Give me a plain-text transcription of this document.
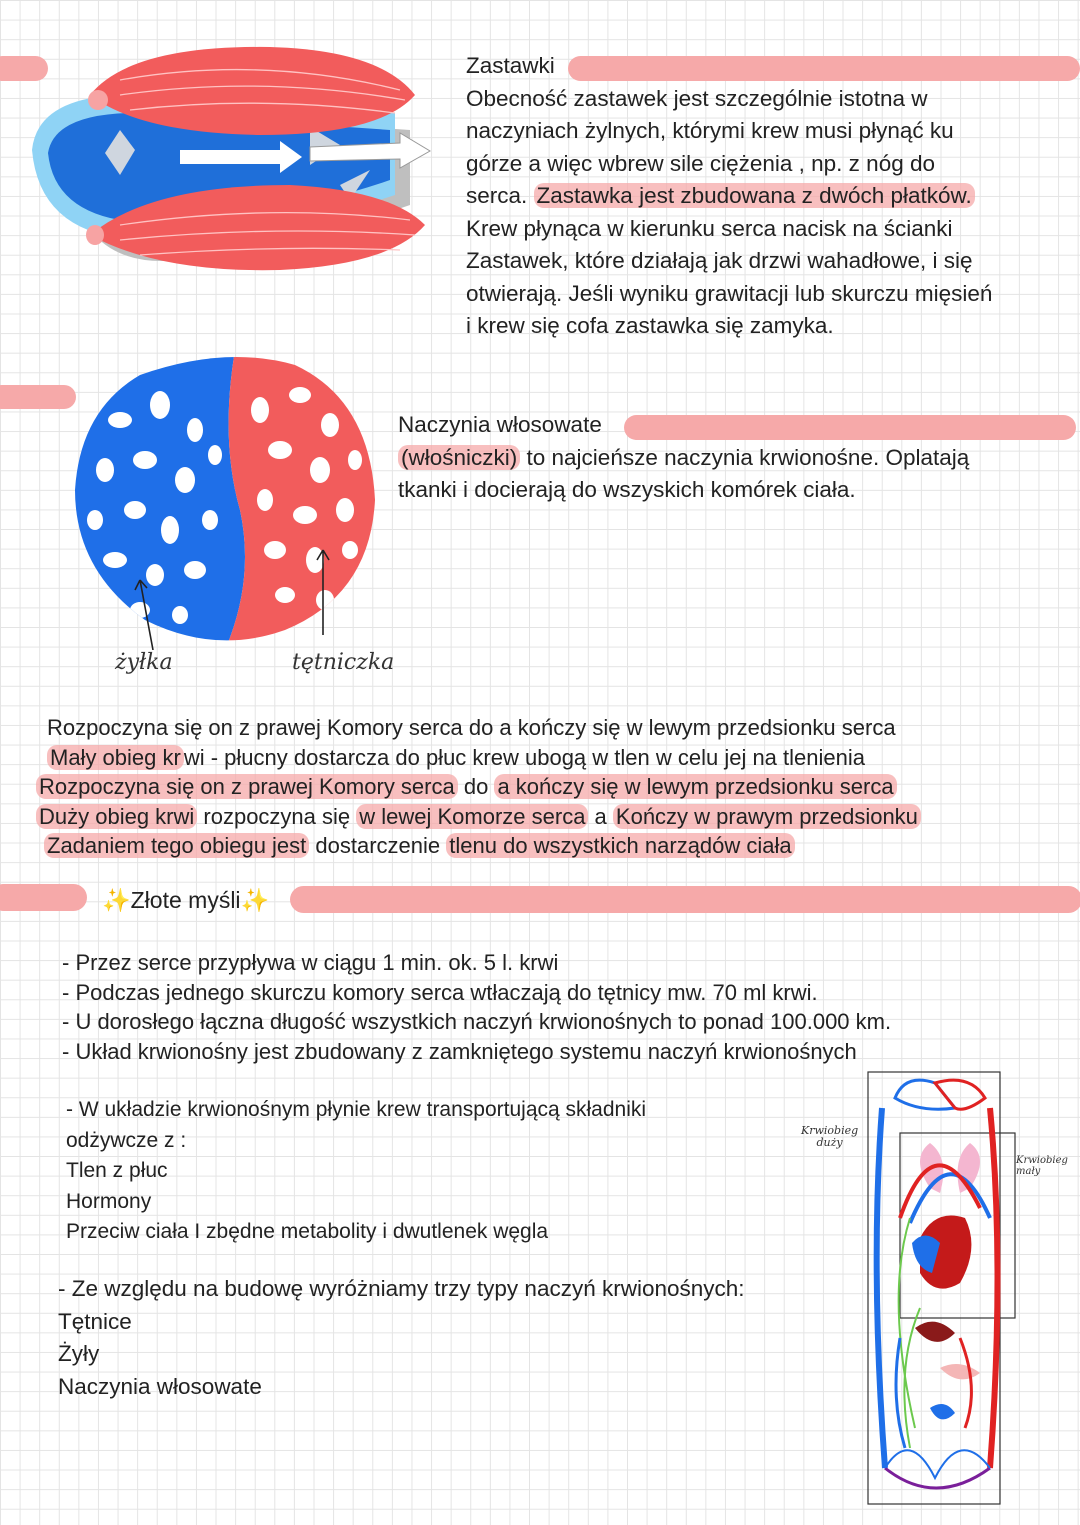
Zastawki
Obecność zastawek jest szczególnie istotna w
naczyniach żylnych, którymi krew musi płynąć ku
górze a więc wbrew sile ciężenia , np. z nóg do
serca. Zastawka jest zbudowana z dwóch płatków.
Krew płynąca w kierunku serca nacisk na ścianki
Zastawek, które działają jak drzwi wahadłowe, i się
otwierają. Jeśli wyniku grawitacji lub skurczu mięsień
i krew się cofa zastawka się zamyka.
żyłka	tętniczka
Naczynia włosowate
(włośniczki) to najcieńsze naczynia krwionośne. Oplatają
tkanki i docierają do wszyskich komórek ciała.
Rozpoczyna się on z prawej Komory serca do a kończy się w lewym przedsionku serca
Mały obieg kr wi - płucny dostarcza do płuc krew ubogą w tlen w celu jej na tlenienia
Rozpoczyna się on z prawej Komory serca do a kończy się w lewym przedsionku serca
Duży obieg krwi rozpoczyna się w lewej Komorze serca a Kończy w prawym przedsionku
Zadaniem tego obiegu jest dostarczenie tlenu do wszystkich narządów ciała
✨Złote myśli✨
- Przez serce przypływa w ciągu 1 min. ok. 5 l. krwi
- Podczas jednego skurczu komory serca wtłaczają do tętnicy mw. 70 ml krwi.
- U dorosłego łączna długość wszystkich naczyń krwionośnych to ponad 100.000 km.
- Układ krwionośny jest zbudowany z zamkniętego systemu naczyń krwionośnych
- W układzie krwionośnym płynie krew transportującą składniki
odżywcze z :
Tlen z płuc
Hormony
Przeciw ciała I zbędne metabolity i dwutlenek węgla
- Ze względu na budowę wyróżniamy trzy typy naczyń krwionośnych:
Tętnice
Żyły
Naczynia włosowate
Krwiobieg
duży
Krwiobieg
mały
